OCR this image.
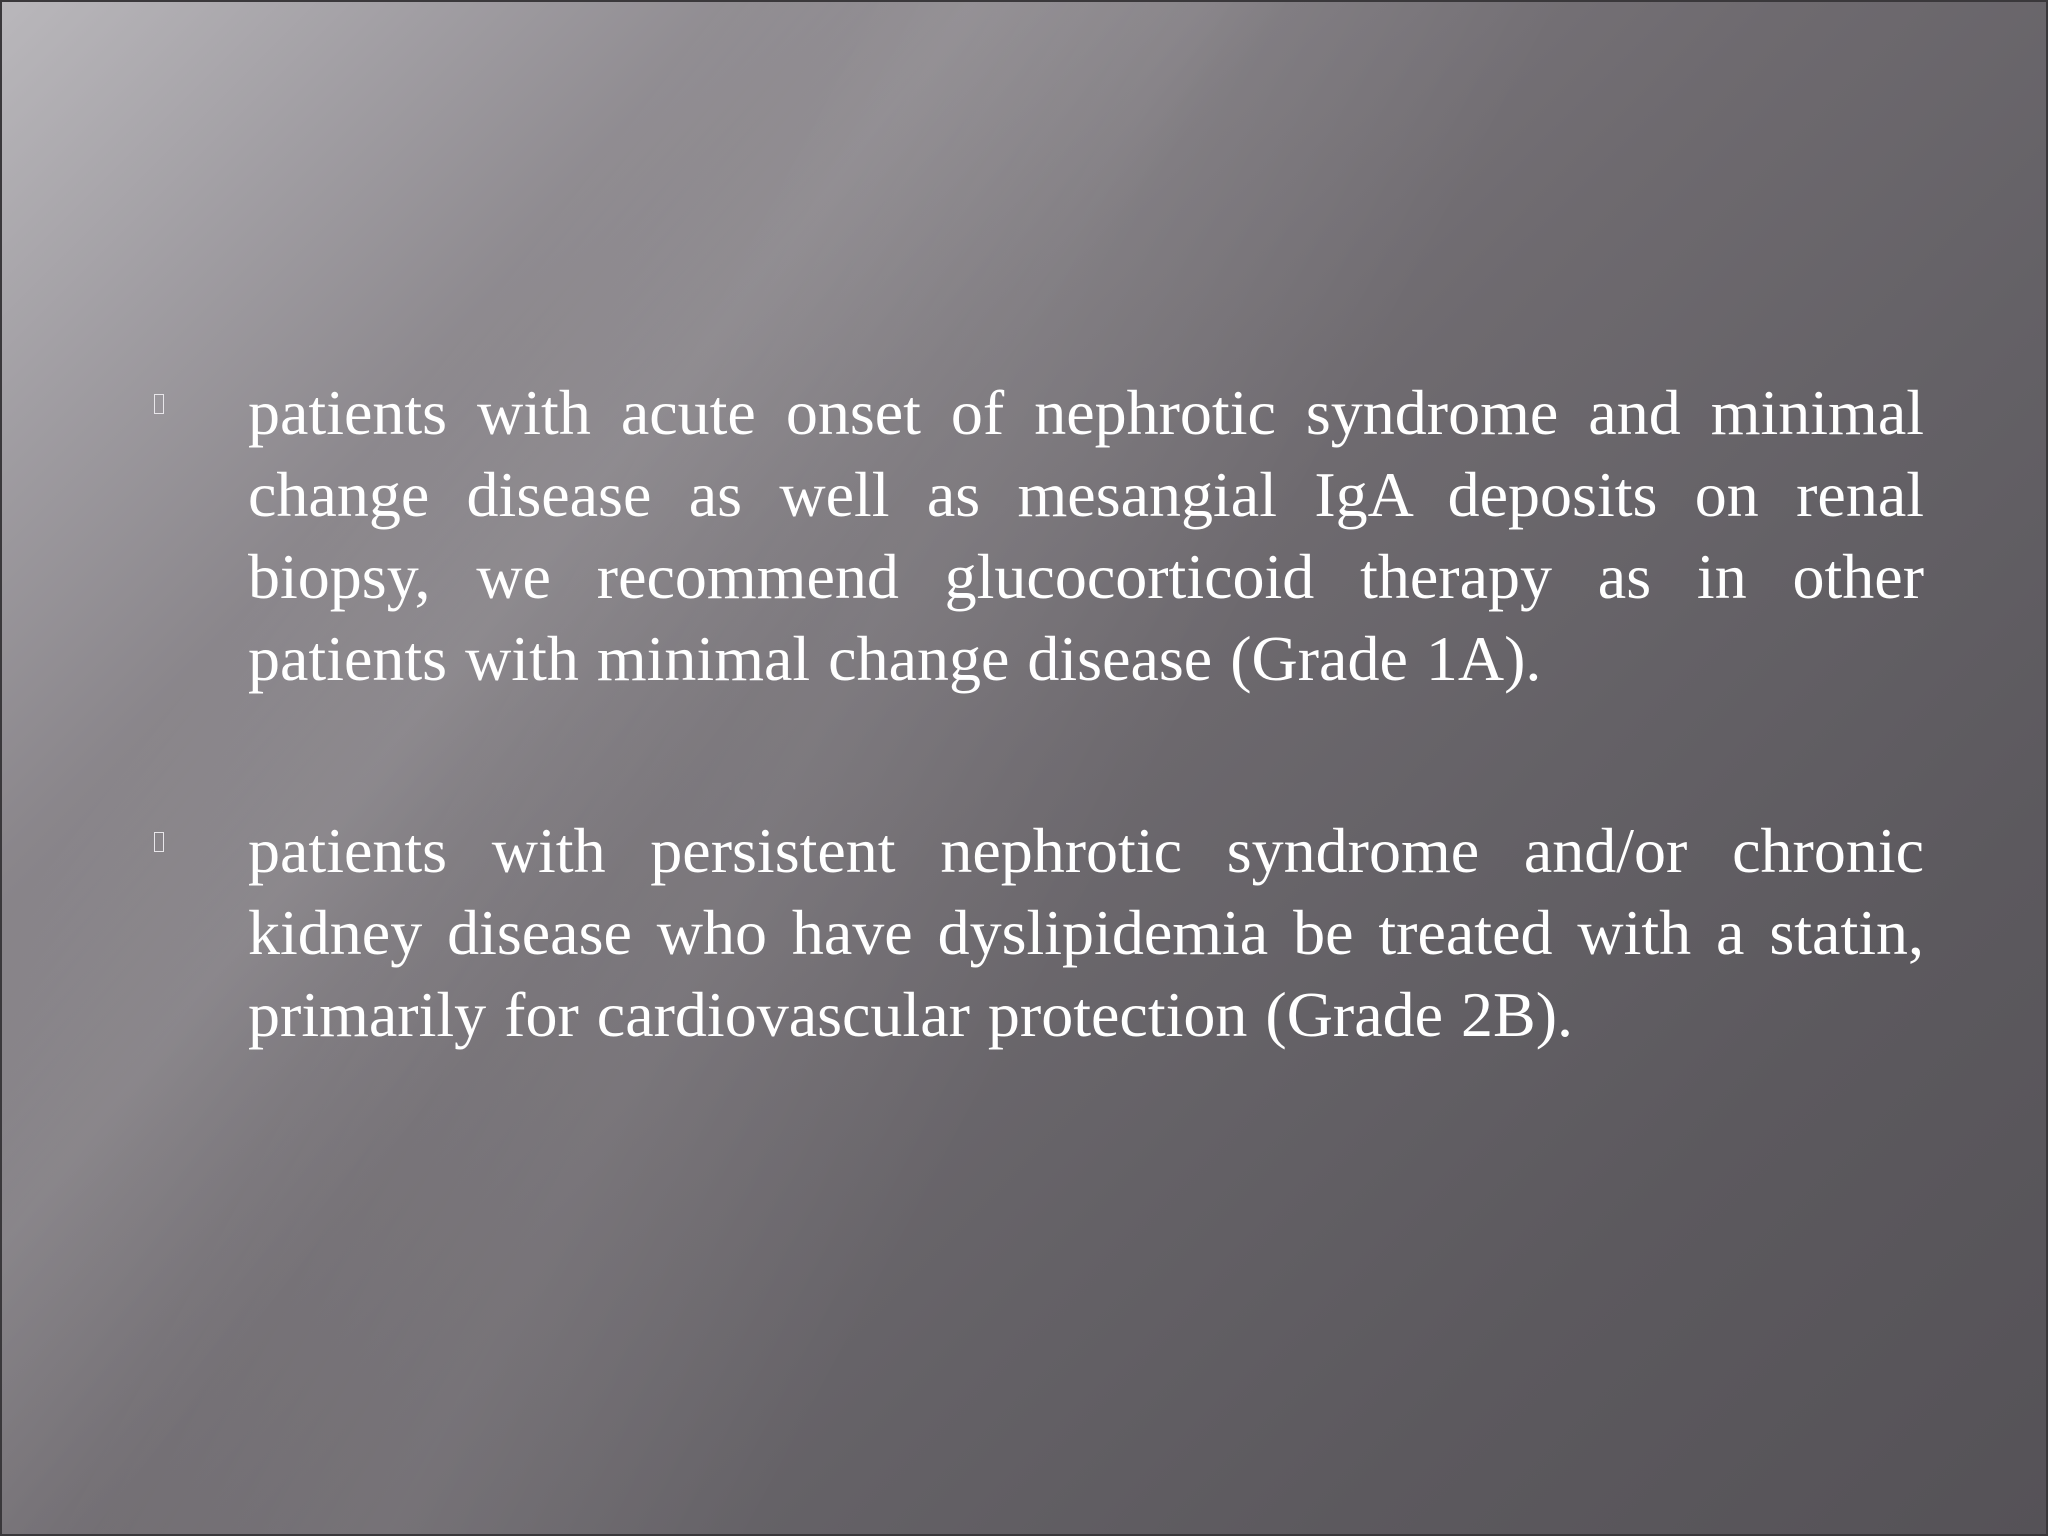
patients with acute onset of nephrotic syndrome and minimal change disease as well as mesangial IgA deposits on renal biopsy, we recommend glucocorticoid therapy as in other patients with minimal change disease (Grade 1A).
patients with persistent nephrotic syndrome and/or chronic kidney disease who have dyslipidemia be treated with a statin, primarily for cardiovascular protection (Grade 2B).
